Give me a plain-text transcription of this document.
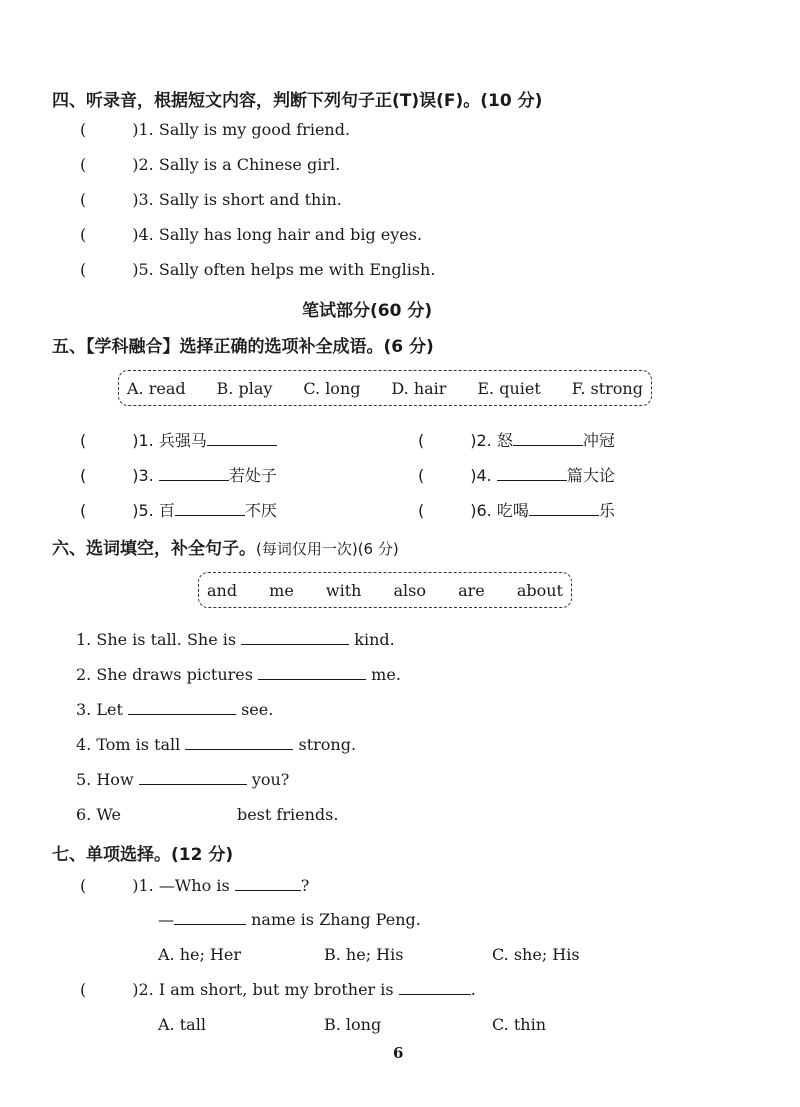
四、听录音，根据短文内容，判断下列句子正(T)误(F)。(10 分)
(	)1. Sally is my good friend.
(	)2. Sally is a Chinese girl.
(	)3. Sally is short and thin.
(	)4. Sally has long hair and big eyes.
(	)5. Sally often helps me with English.
笔试部分(60 分)
五、【学科融合】选择正确的选项补全成语。(6 分)
A. read B. play C. long D. hair E. quiet F. strong
(	)1. 兵强马	(	)2. 怒	冲冠
(	)3.	若处子	(	)4.	篇大论
(	)5. 百	不厌	(	)6. 吃喝	乐
六、选词填空，补全句子。(每词仅用一次)(6 分)
and me with also are about
1. She is tall. She is	kind.
2. She draws pictures	me.
3. Let	see.
4. Tom is tall	strong.
5. How	you?
6. We	best friends.
七、单项选择。(12 分)
(	)1. —Who is	?
—	name is Zhang Peng.
A. he; Her	B. he; His	C. she; His
(	)2. I am short, but my brother is	.
A. tall	B. long	C. thin
6
